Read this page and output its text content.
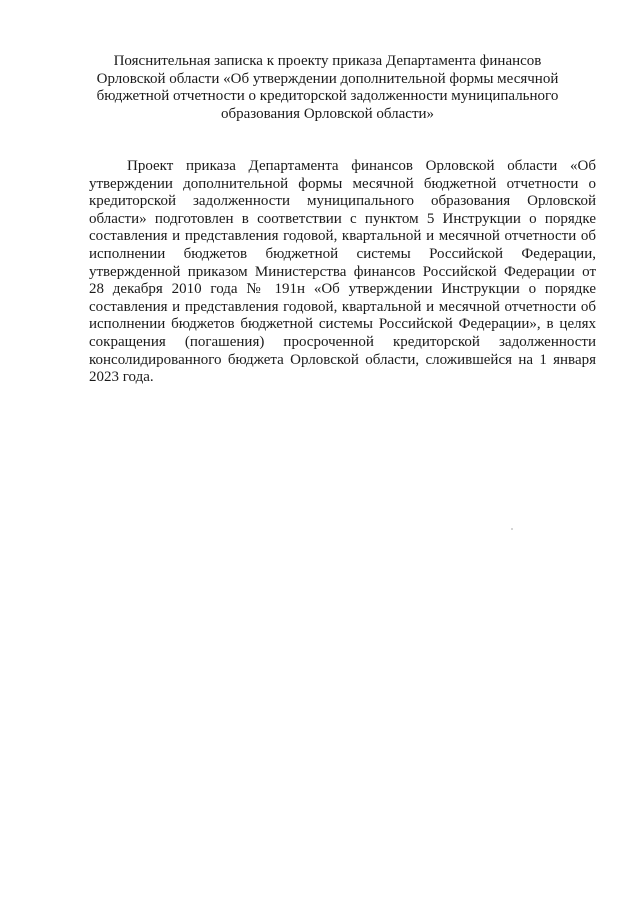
Пояснительная записка к проекту приказа Департамента финансов
Орловской области «Об утверждении дополнительной формы месячной
бюджетной отчетности о кредиторской задолженности муниципального
образования Орловской области»
Проект приказа Департамента финансов Орловской области «Об
утверждении дополнительной формы месячной бюджетной отчетности о
кредиторской задолженности муниципального образования Орловской
области» подготовлен в соответствии с пунктом 5 Инструкции о порядке
составления и представления годовой, квартальной и месячной отчетности об
исполнении бюджетов бюджетной системы Российской Федерации,
утвержденной приказом Министерства финансов Российской Федерации от
28 декабря 2010 года № 191н «Об утверждении Инструкции о порядке
составления и представления годовой, квартальной и месячной отчетности об
исполнении бюджетов бюджетной системы Российской Федерации», в целях
сокращения (погашения) просроченной кредиторской задолженности
консолидированного бюджета Орловской области, сложившейся на 1 января
2023 года.
